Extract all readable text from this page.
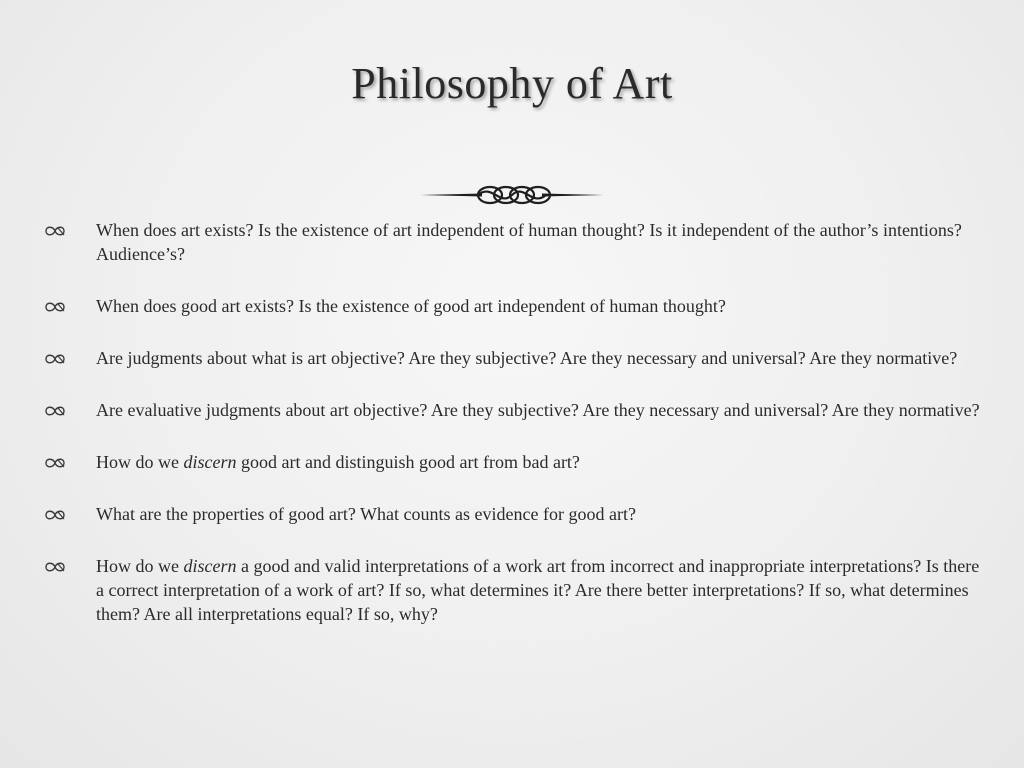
Philosophy of Art
When does art exists? Is the existence of art independent of human thought? Is it independent of the author’s intentions? Audience’s?
When does good art exists? Is the existence of good art independent of human thought?
Are judgments about what is art objective? Are they subjective? Are they necessary and universal? Are they normative?
Are evaluative judgments about art objective? Are they subjective? Are they necessary and universal? Are they normative?
How do we discern good art and distinguish good art from bad art?
What are the properties of good art? What counts as evidence for good art?
How do we discern a good and valid interpretations of a work art from incorrect and inappropriate interpretations? Is there a correct interpretation of a work of art? If so, what determines it? Are there better interpretations? If so, what determines them? Are all interpretations equal? If so, why?
